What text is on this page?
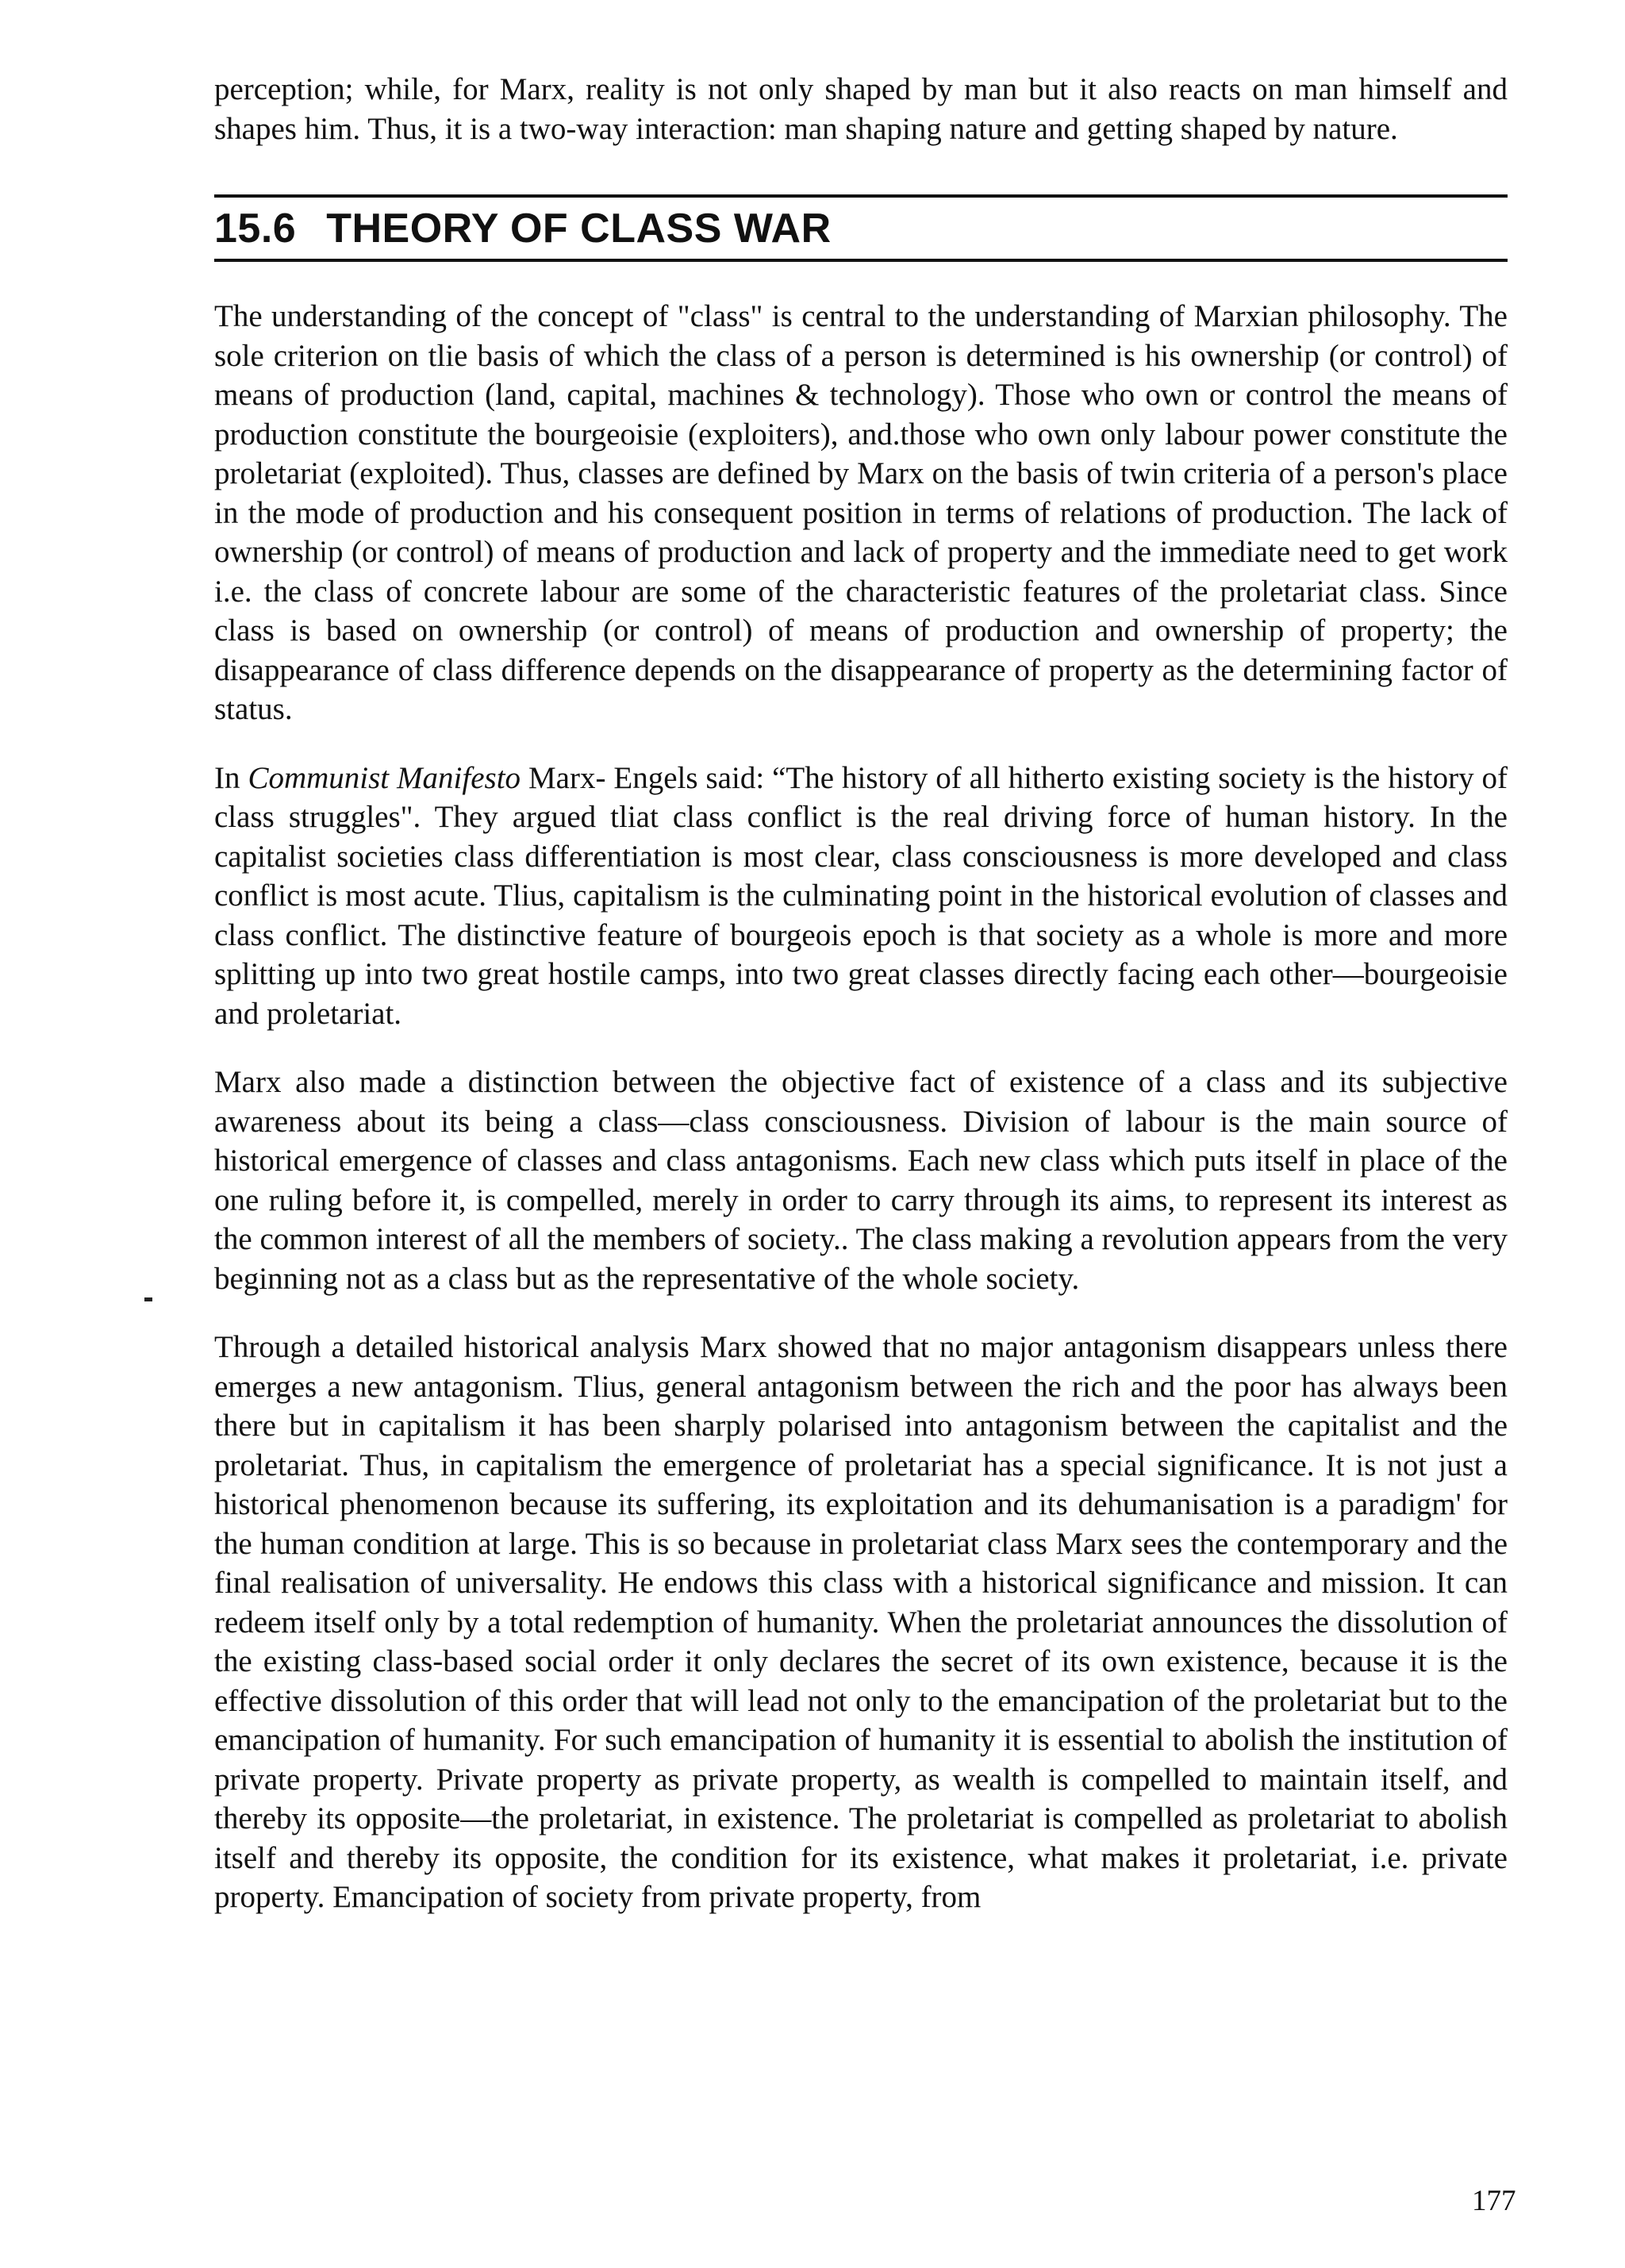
perception; while, for Marx, reality is not only shaped by man but it also reacts on man himself and shapes him. Thus, it is a two-way interaction: man shaping nature and getting shaped by nature.

15.6 THEORY OF CLASS WAR

The understanding of the concept of "class" is central to the understanding of Marxian philosophy. The sole criterion on tlie basis of which the class of a person is determined is his ownership (or control) of means of production (land, capital, machines & technology). Those who own or control the means of production constitute the bourgeoisie (exploiters), and.those who own only labour power constitute the proletariat (exploited). Thus, classes are defined by Marx on the basis of twin criteria of a person's place in the mode of production and his consequent position in terms of relations of production. The lack of ownership (or control) of means of production and lack of property and the immediate need to get work i.e. the class of concrete labour are some of the characteristic features of the proletariat class. Since class is based on ownership (or control) of means of production and ownership of property; the disappearance of class difference depends on the disappearance of property as the determining factor of status.

In Communist Manifesto Marx- Engels said: “The history of all hitherto existing society is the history of class struggles". They argued tliat class conflict is the real driving force of human history. In the capitalist societies class differentiation is most clear, class consciousness is more developed and class conflict is most acute. Tlius, capitalism is the culminating point in the historical evolution of classes and class conflict. The distinctive feature of bourgeois epoch is that society as a whole is more and more splitting up into two great hostile camps, into two great classes directly facing each other—bourgeoisie and proletariat.

Marx also made a distinction between the objective fact of existence of a class and its subjective awareness about its being a class—class consciousness. Division of labour is the main source of historical emergence of classes and class antagonisms. Each new class which puts itself in place of the one ruling before it, is compelled, merely in order to carry through its aims, to represent its interest as the common interest of all the members of society.. The class making a revolution appears from the very beginning not as a class but as the representative of the whole society.

Through a detailed historical analysis Marx showed that no major antagonism disappears unless there emerges a new antagonism. Tlius, general antagonism between the rich and the poor has always been there but in capitalism it has been sharply polarised into antagonism between the capitalist and the proletariat. Thus, in capitalism the emergence of proletariat has a special significance. It is not just a historical phenomenon because its suffering, its exploitation and its dehumanisation is a paradigm' for the human condition at large. This is so because in proletariat class Marx sees the contemporary and the final realisation of universality. He endows this class with a historical significance and mission. It can redeem itself only by a total redemption of humanity. When the proletariat announces the dissolution of the existing class-based social order it only declares the secret of its own existence, because it is the effective dissolution of this order that will lead not only to the emancipation of the proletariat but to the emancipation of humanity. For such emancipation of humanity it is essential to abolish the institution of private property. Private property as private property, as wealth is compelled to maintain itself, and thereby its opposite—the proletariat, in existence. The proletariat is compelled as proletariat to abolish itself and thereby its opposite, the condition for its existence, what makes it proletariat, i.e. private property. Emancipation of society from private property, from

177
